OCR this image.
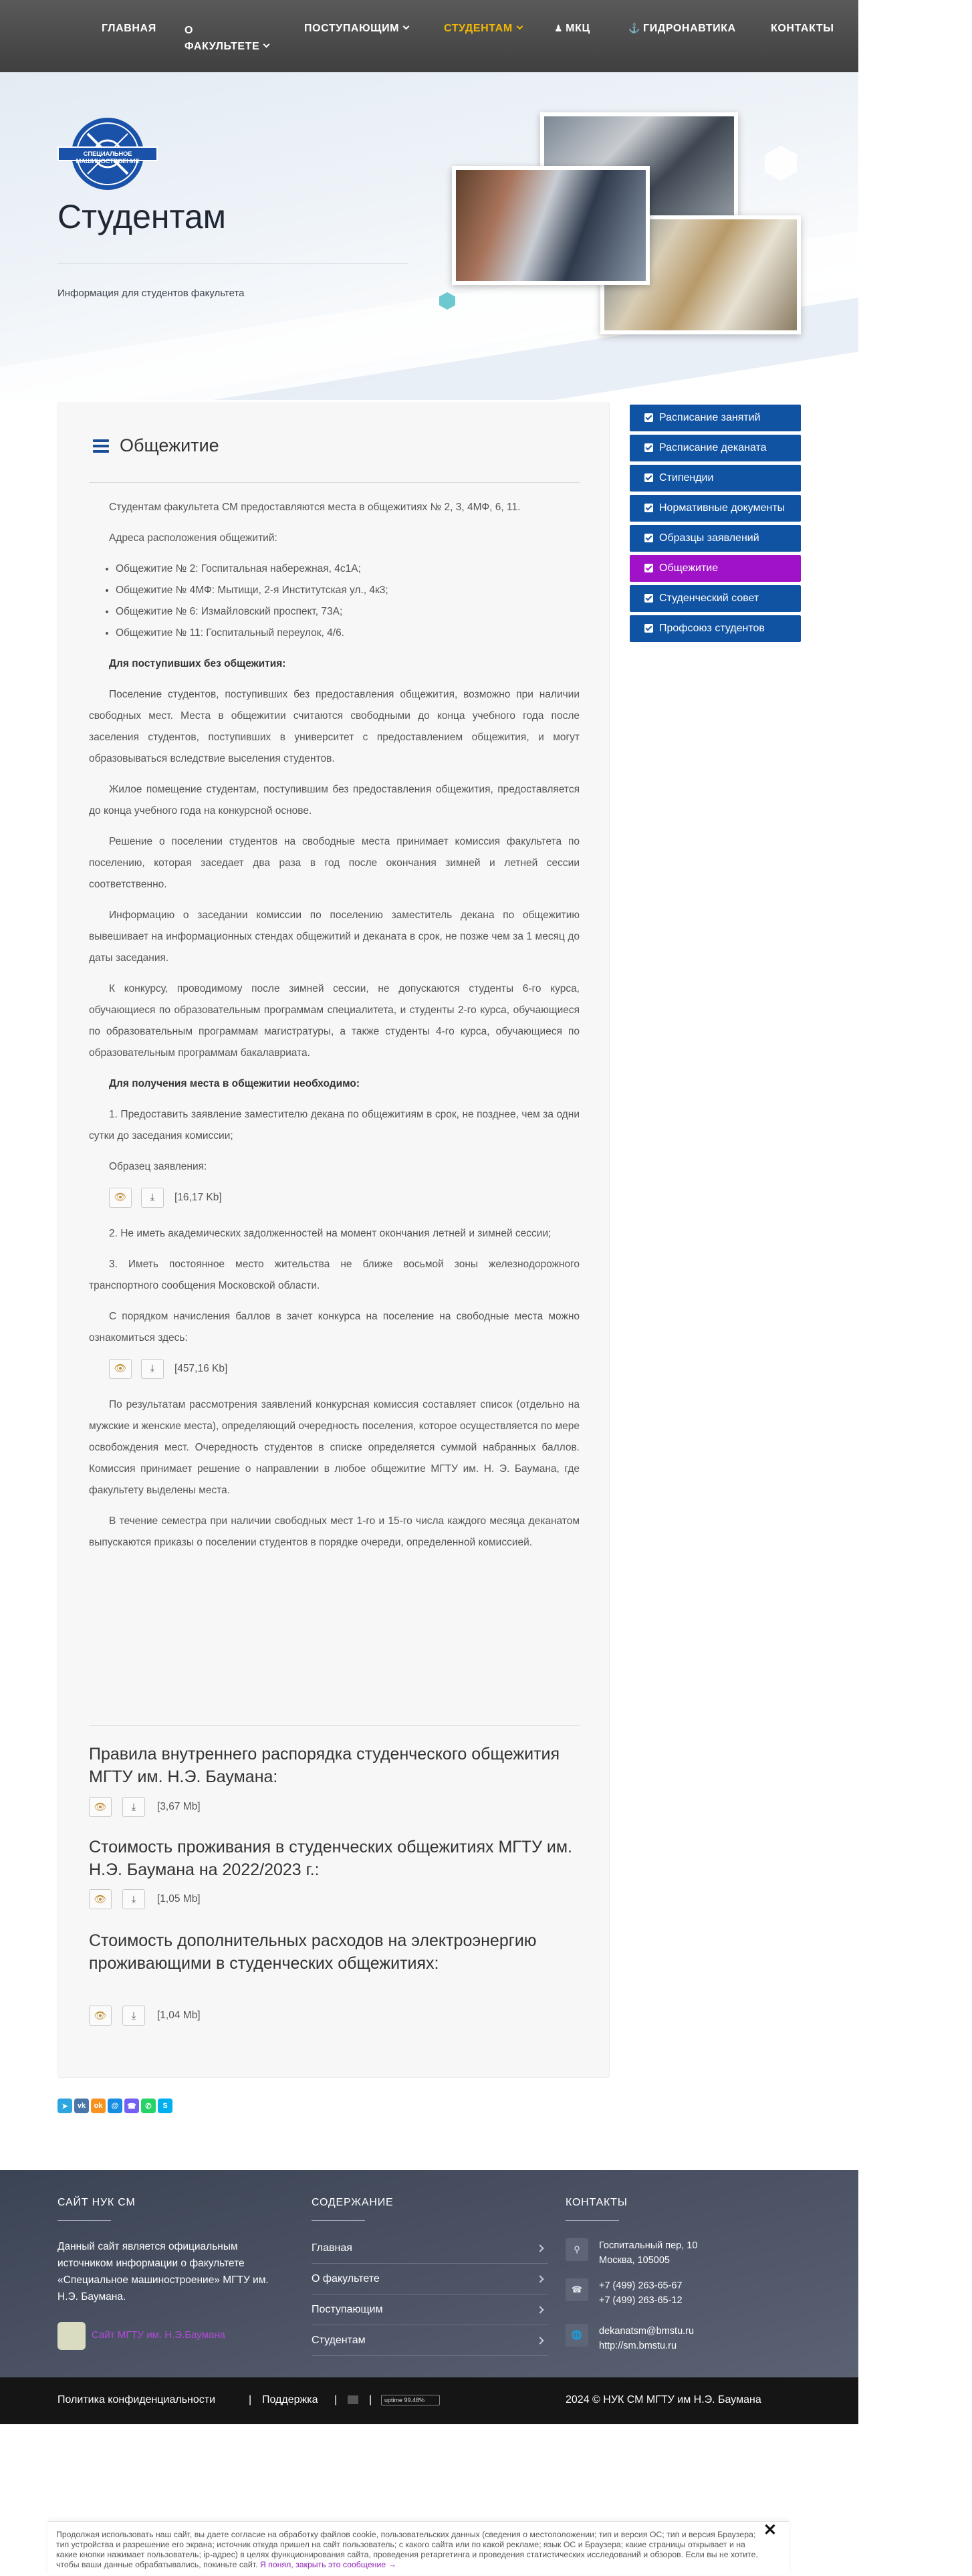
ГЛАВНАЯ	О
ФАКУЛЬТЕТЕ
ПОСТУПАЮЩИМ	СТУДЕНТАМ	♟ МКЦ	⚓ ГИДРОНАВТИКА	КОНТАКТЫ
СПЕЦИАЛЬНОЕ МАШИНОСТРОЕНИЕ
Студентам
Информация для студентов факультета
Общежитие

Студентам факультета СМ предоставляются места в общежитиях № 2, 3, 4МФ, 6, 11.

Адреса расположения общежитий:

• Общежитие № 2: Госпитальная набережная, 4с1А;
• Общежитие № 4МФ: Мытищи, 2-я Институтская ул., 4к3;
• Общежитие № 6: Измайловский проспект, 73А;
• Общежитие № 11: Госпитальный переулок, 4/6.

Для поступивших без общежития:

Поселение студентов, поступивших без предоставления общежития, возможно при наличии свободных мест. Места в общежитии считаются свободными до конца учебного года после заселения студентов, поступивших в университет с предоставлением общежития, и могут образовываться вследствие выселения студентов.

Жилое помещение студентам, поступившим без предоставления общежития, предоставляется до конца учебного года на конкурсной основе.

Решение о поселении студентов на свободные места принимает комиссия факультета по поселению, которая заседает два раза в год после окончания зимней и летней сессии соответственно.

Информацию о заседании комиссии по поселению заместитель декана по общежитию вывешивает на информационных стендах общежитий и деканата в срок, не позже чем за 1 месяц до даты заседания.

К конкурсу, проводимому после зимней сессии, не допускаются студенты 6-го курса, обучающиеся по образовательным программам специалитета, и студенты 2-го курса, обучающиеся по образовательным программам магистратуры, а также студенты 4-го курса, обучающиеся по образовательным программам бакалавриата.

Для получения места в общежитии необходимо:

1. Предоставить заявление заместителю декана по общежитиям в срок, не позднее, чем за одни сутки до заседания комиссии;

Образец заявления:

👁 ⤓ [16,17 Kb]

2. Не иметь академических задолженностей на момент окончания летней и зимней сессии;

3. Иметь постоянное место жительства не ближе восьмой зоны железнодорожного транспортного сообщения Московской области.

С порядком начисления баллов в зачет конкурса на поселение на свободные места можно ознакомиться здесь:

👁 ⤓ [457,16 Kb]

По результатам рассмотрения заявлений конкурсная комиссия составляет список (отдельно на мужские и женские места), определяющий очередность поселения, которое осуществляется по мере освобождения мест. Очередность студентов в списке определяется суммой набранных баллов. Комиссия принимает решение о направлении в любое общежитие МГТУ им. Н. Э. Баумана, где факультету выделены места.

В течение семестра при наличии свободных мест 1-го и 15-го числа каждого месяца деканатом выпускаются приказы о поселении студентов в порядке очереди, определенной комиссией.

Правила внутреннего распорядка студенческого общежития МГТУ им. Н.Э. Баумана:
👁 ⤓ [3,67 Mb]
Стоимость проживания в студенческих общежитиях МГТУ им. Н.Э. Баумана на 2022/2023 г.:
👁 ⤓ [1,05 Mb]
Стоимость дополнительных расходов на электроэнергию проживающими в студенческих общежитиях:
👁 ⤓ [1,04 Mb]
Расписание занятий
Расписание деканата
Стипендии
Нормативные документы
Образцы заявлений
Общежитие
Студенческий совет
Профсоюз студентов
➤	vk	ok	@	☎	✆	S
САЙТ НУК СМ
Данный сайт является официальным источником информации о факультете «Специальное машиностроение» МГТУ им. Н.Э. Баумана.
Сайт МГТУ им. Н.Э.Баумана
СОДЕРЖАНИЕ
Главная
О факультете
Поступающим
Студентам
КОНТАКТЫ
⚲	Госпитальный пер, 10
Москва, 105005
☎	+7 (499) 263-65-67
+7 (499) 263-65-12
🌐	dekanatsm@bmstu.ru
http://sm.bmstu.ru
Политика конфиденциальности	| Поддержка |	|	uptime 99.48%	2024 © НУК СМ МГТУ им Н.Э. Баумана
Продолжая использовать наш сайт, вы даете согласие на обработку файлов cookie, пользовательских данных (сведения о местоположении; тип и версия ОС; тип и версия Браузера; тип устройства и разрешение его экрана; источник откуда пришел на сайт пользователь; с какого сайта или по какой рекламе; язык ОС и Браузера; какие страницы открывает и на какие кнопки нажимает пользователь; ip-адрес) в целях функционирования сайта, проведения ретаргетинга и проведения статистических исследований и обзоров. Если вы не хотите, чтобы ваши данные обрабатывались, покиньте сайт. Я понял, закрыть это сообщение →
✕
